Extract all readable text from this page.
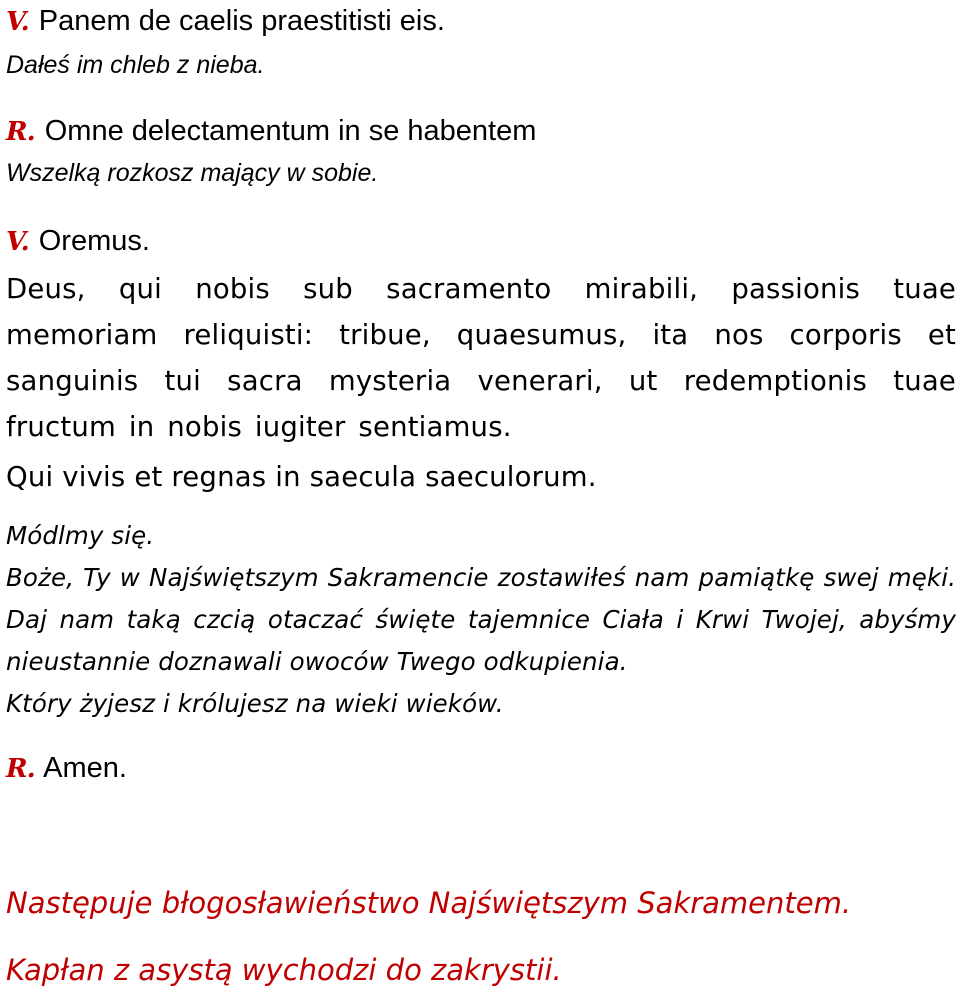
V. Panem de caelis praestitisti eis.
Dałeś im chleb z nieba.
R. Omne delectamentum in se habentem
Wszelką rozkosz mający w sobie.
V. Oremus.
Deus, qui nobis sub sacramento mirabili, passionis tuae memoriam reliquisti: tribue, quaesumus, ita nos corporis et sanguinis tui sacra mysteria venerari, ut redemptionis tuae fructum in nobis iugiter sentiamus.
Qui vivis et regnas in saecula saeculorum.
Módlmy się.
Boże, Ty w Najświętszym Sakramencie zostawiłeś nam pamiątkę swej męki. Daj nam taką czcią otaczać święte tajemnice Ciała i Krwi Twojej, abyśmy nieustannie doznawali owoców Twego odkupienia.
Który żyjesz i królujesz na wieki wieków.
R. Amen.
Następuje błogosławieństwo Najświętszym Sakramentem.
Kapłan z asystą wychodzi do zakrystii.
